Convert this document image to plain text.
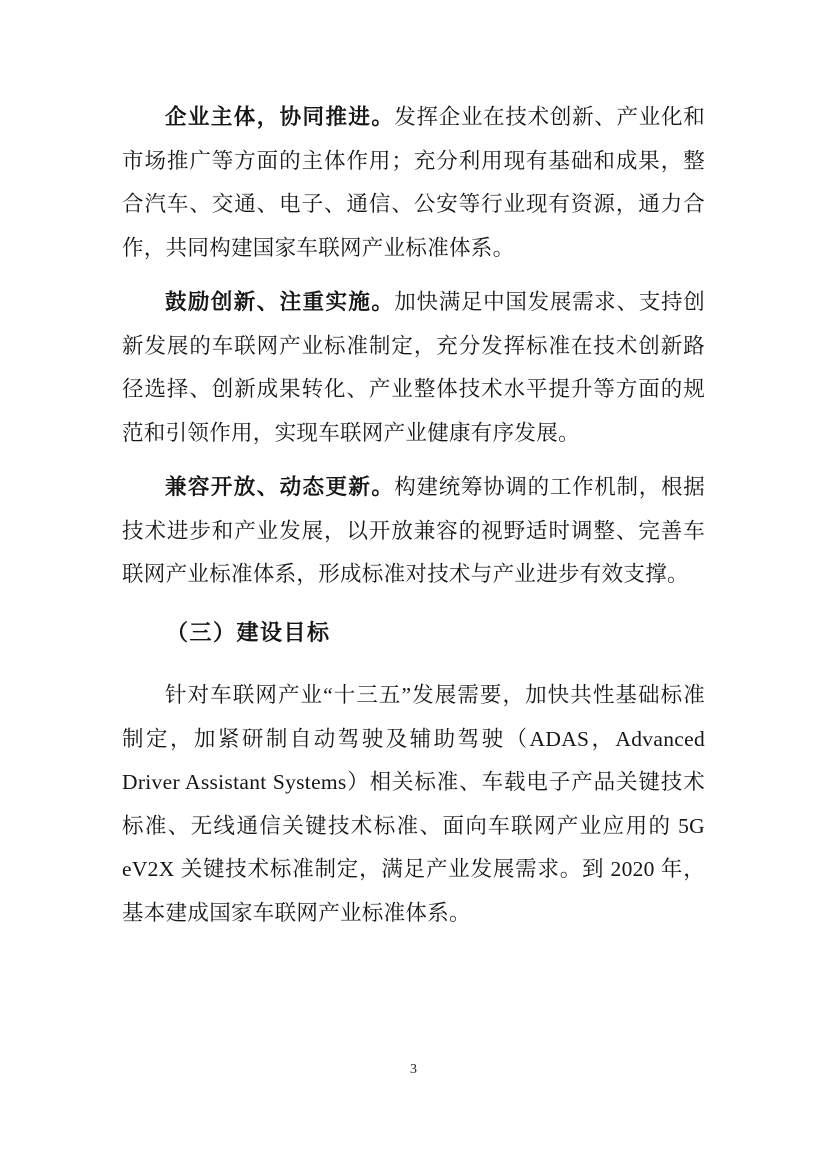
企业主体，协同推进。发挥企业在技术创新、产业化和市场推广等方面的主体作用；充分利用现有基础和成果，整合汽车、交通、电子、通信、公安等行业现有资源，通力合作，共同构建国家车联网产业标准体系。

鼓励创新、注重实施。加快满足中国发展需求、支持创新发展的车联网产业标准制定，充分发挥标准在技术创新路径选择、创新成果转化、产业整体技术水平提升等方面的规范和引领作用，实现车联网产业健康有序发展。

兼容开放、动态更新。构建统筹协调的工作机制，根据技术进步和产业发展，以开放兼容的视野适时调整、完善车联网产业标准体系，形成标准对技术与产业进步有效支撑。

（三）建设目标

针对车联网产业“十三五”发展需要，加快共性基础标准制定，加紧研制自动驾驶及辅助驾驶（ADAS，Advanced Driver Assistant Systems）相关标准、车载电子产品关键技术标准、无线通信关键技术标准、面向车联网产业应用的 5G eV2X 关键技术标准制定，满足产业发展需求。到 2020 年，基本建成国家车联网产业标准体系。

3
